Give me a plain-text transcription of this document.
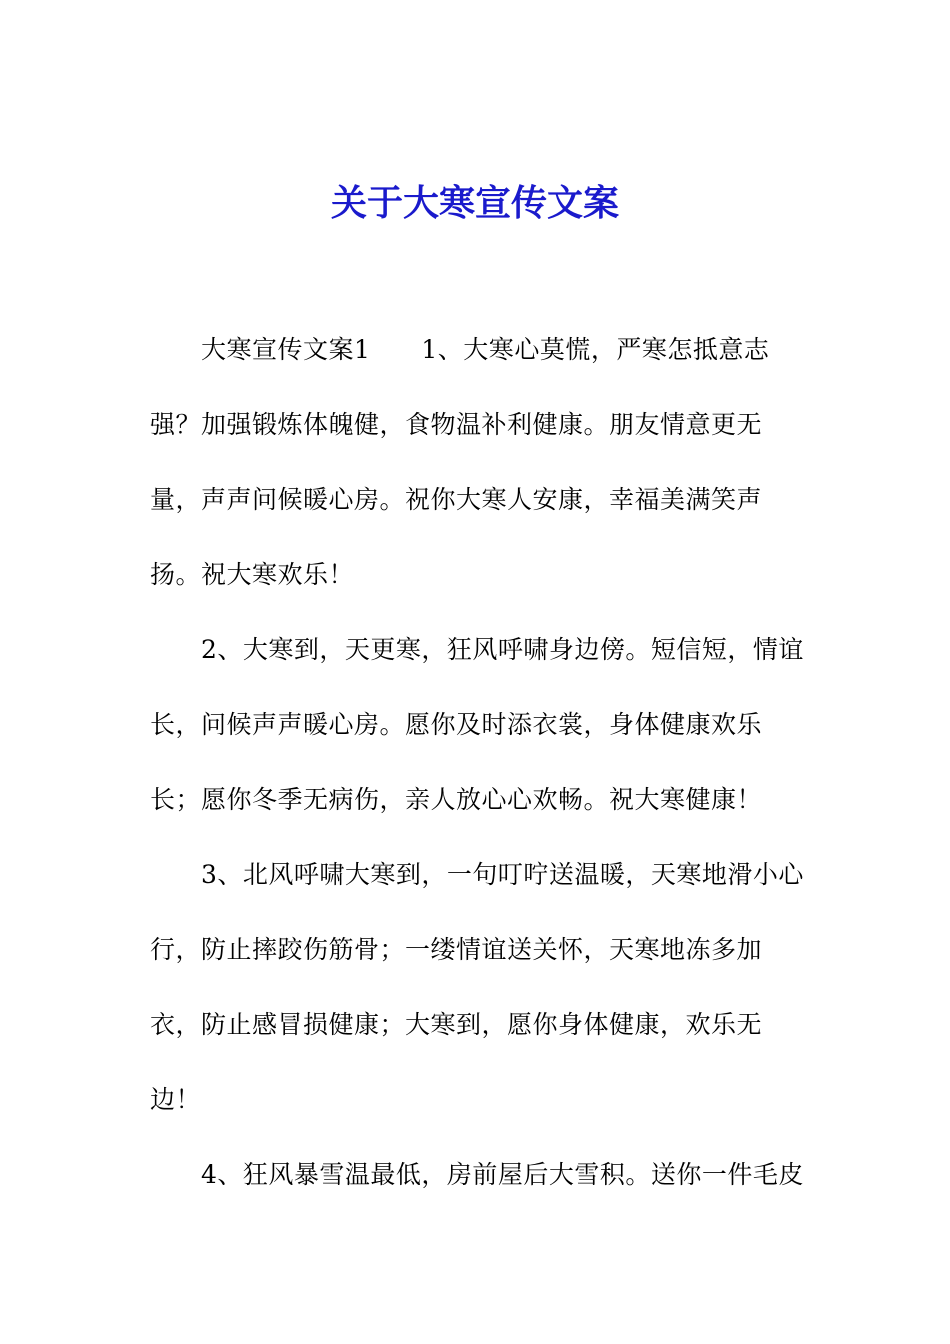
关于大寒宣传文案
大寒宣传文案1　　1、大寒心莫慌，严寒怎抵意志
强？加强锻炼体魄健，食物温补利健康。朋友情意更无
量，声声问候暖心房。祝你大寒人安康，幸福美满笑声
扬。祝大寒欢乐！
2、大寒到，天更寒，狂风呼啸身边傍。短信短，情谊
长，问候声声暖心房。愿你及时添衣裳，身体健康欢乐
长；愿你冬季无病伤，亲人放心心欢畅。祝大寒健康！
3、北风呼啸大寒到，一句叮咛送温暖，天寒地滑小心
行，防止摔跤伤筋骨；一缕情谊送关怀，天寒地冻多加
衣，防止感冒损健康；大寒到，愿你身体健康，欢乐无
边！
4、狂风暴雪温最低，房前屋后大雪积。送你一件毛皮
